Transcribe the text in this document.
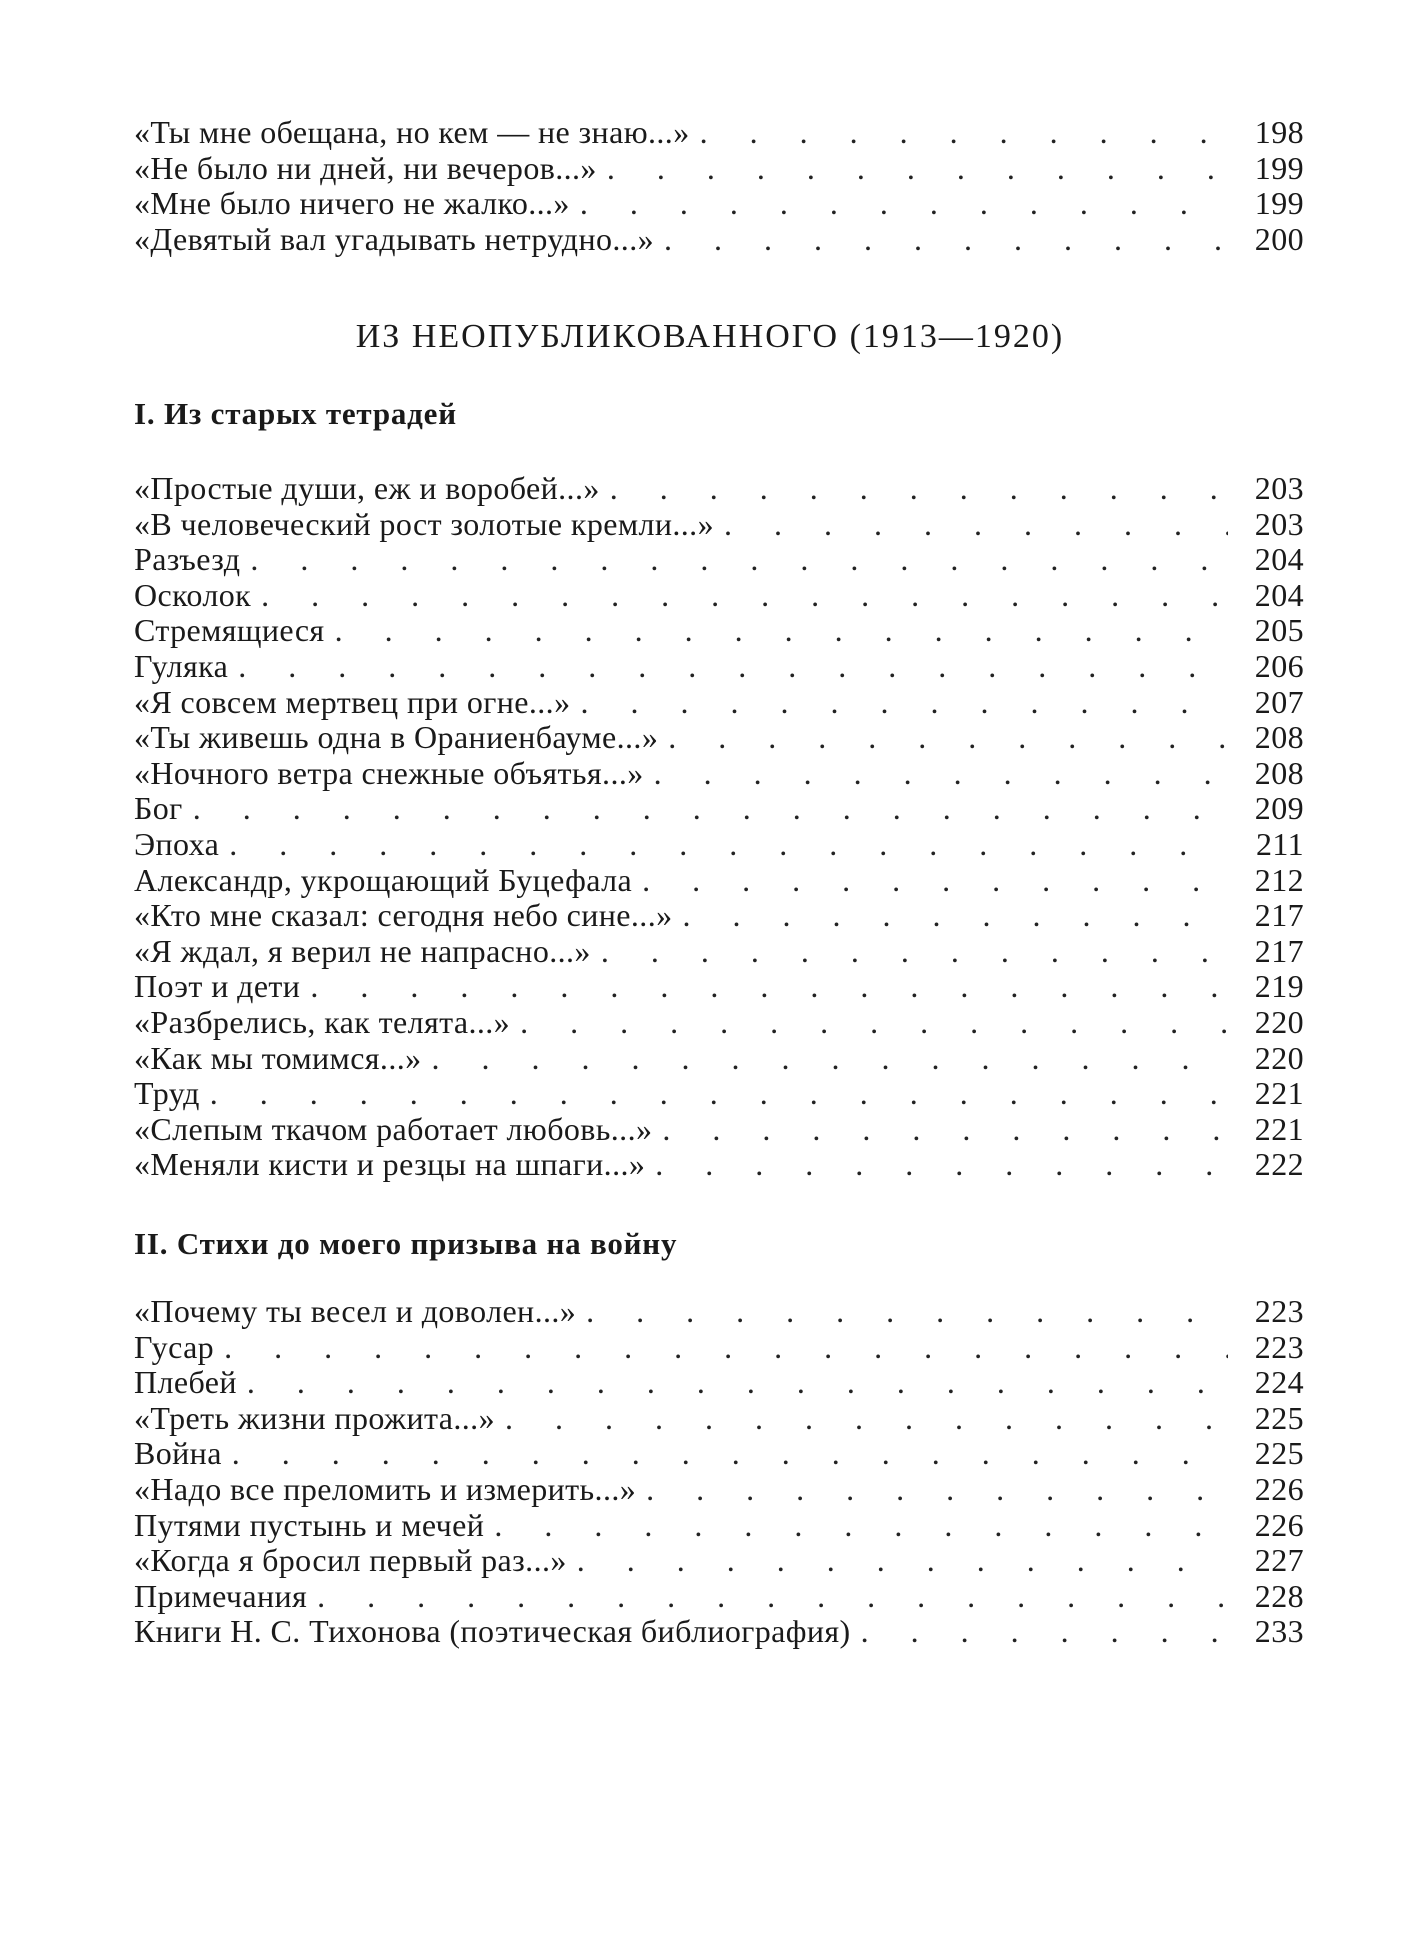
«Ты мне обещана, но кем — не знаю...» . . .	198
«Не было ни дней, ни вечеров...» . . .	199
«Мне было ничего не жалко...» . . .	199
«Девятый вал угадывать нетрудно...» . . .	200
ИЗ НЕОПУБЛИКОВАННОГО (1913—1920)
I. Из старых тетрадей
«Простые души, еж и воробей...» . . .	203
«В человеческий рост золотые кремли...» . . .	203
Разъезд . . .	204
Осколок . . .	204
Стремящиеся . . .	205
Гуляка . . .	206
«Я совсем мертвец при огне...» . . .	207
«Ты живешь одна в Ораниенбауме...» . . .	208
«Ночного ветра снежные объятья...» . . .	208
Бог . . .	209
Эпоха . . .	211
Александр, укрощающий Буцефала . . .	212
«Кто мне сказал: сегодня небо сине...» . . .	217
«Я ждал, я верил не напрасно...» . . .	217
Поэт и дети . . .	219
«Разбрелись, как телята...» . . .	220
«Как мы томимся...» . . .	220
Труд . . .	221
«Слепым ткачом работает любовь...» . . .	221
«Меняли кисти и резцы на шпаги...» . . .	222
II. Стихи до моего призыва на войну
«Почему ты весел и доволен...» . . .	223
Гусар . . .	223
Плебей . . .	224
«Треть жизни прожита...» . . .	225
Война . . .	225
«Надо все преломить и измерить...» . . .	226
Путями пустынь и мечей . . .	226
«Когда я бросил первый раз...» . . .	227
Примечания . . .	228
Книги Н. С. Тихонова (поэтическая библиография) . . .	233
